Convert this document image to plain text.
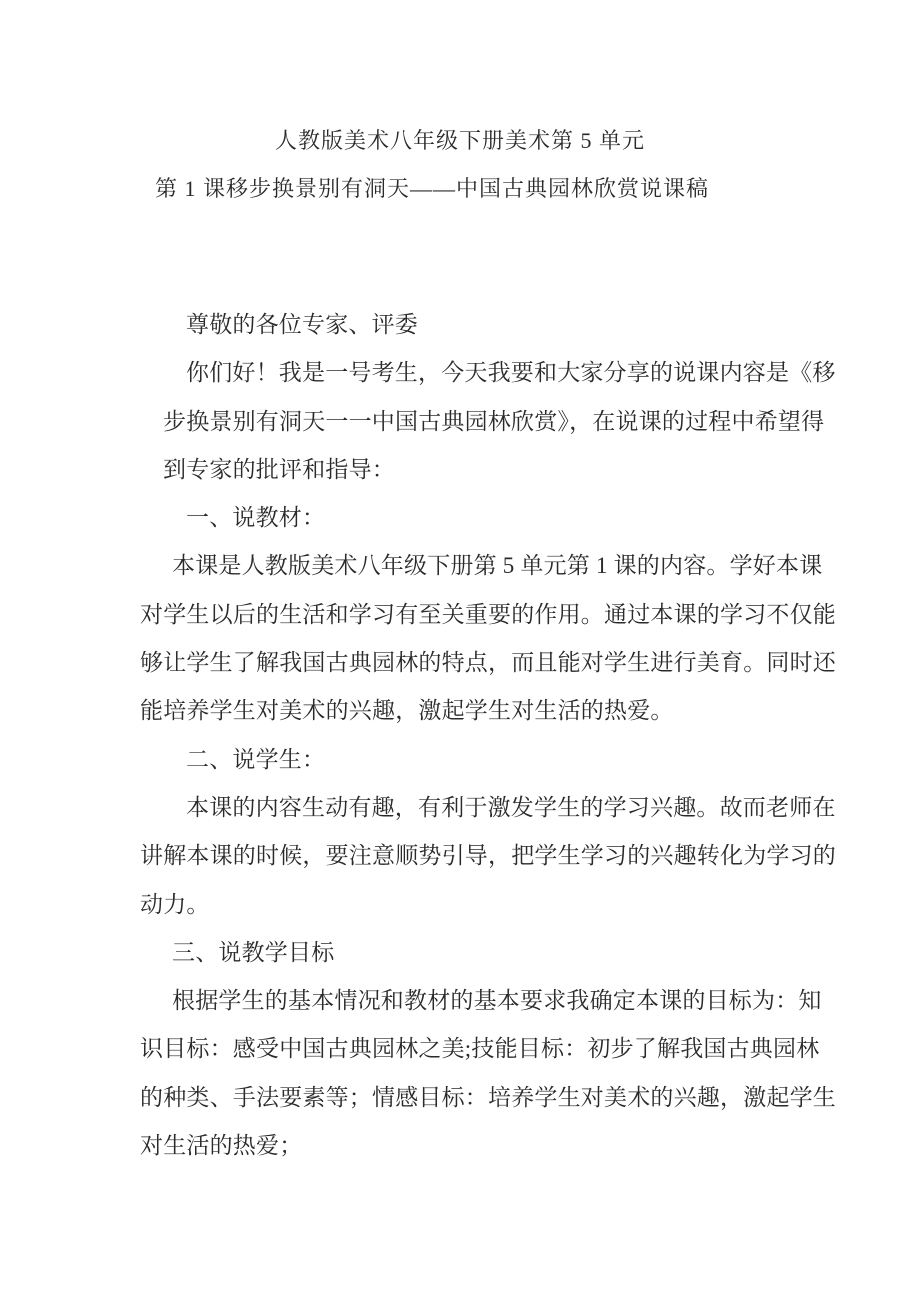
人教版美术八年级下册美术第 5 单元
第 1 课移步换景别有洞天——中国古典园林欣赏说课稿
尊敬的各位专家、评委
你们好！我是一号考生，今天我要和大家分享的说课内容是《移
步换景别有洞天一一中国古典园林欣赏》，在说课的过程中希望得
到专家的批评和指导：
一、说教材：
本课是人教版美术八年级下册第 5 单元第 1 课的内容。学好本课
对学生以后的生活和学习有至关重要的作用。通过本课的学习不仅能
够让学生了解我国古典园林的特点，而且能对学生进行美育。同时还
能培养学生对美术的兴趣，激起学生对生活的热爱。
二、说学生：
本课的内容生动有趣，有利于激发学生的学习兴趣。故而老师在
讲解本课的时候，要注意顺势引导，把学生学习的兴趣转化为学习的
动力。
三、说教学目标
根据学生的基本情况和教材的基本要求我确定本课的目标为：知
识目标：感受中国古典园林之美;技能目标：初步了解我国古典园林
的种类、手法要素等；情感目标：培养学生对美术的兴趣，激起学生
对生活的热爱；
